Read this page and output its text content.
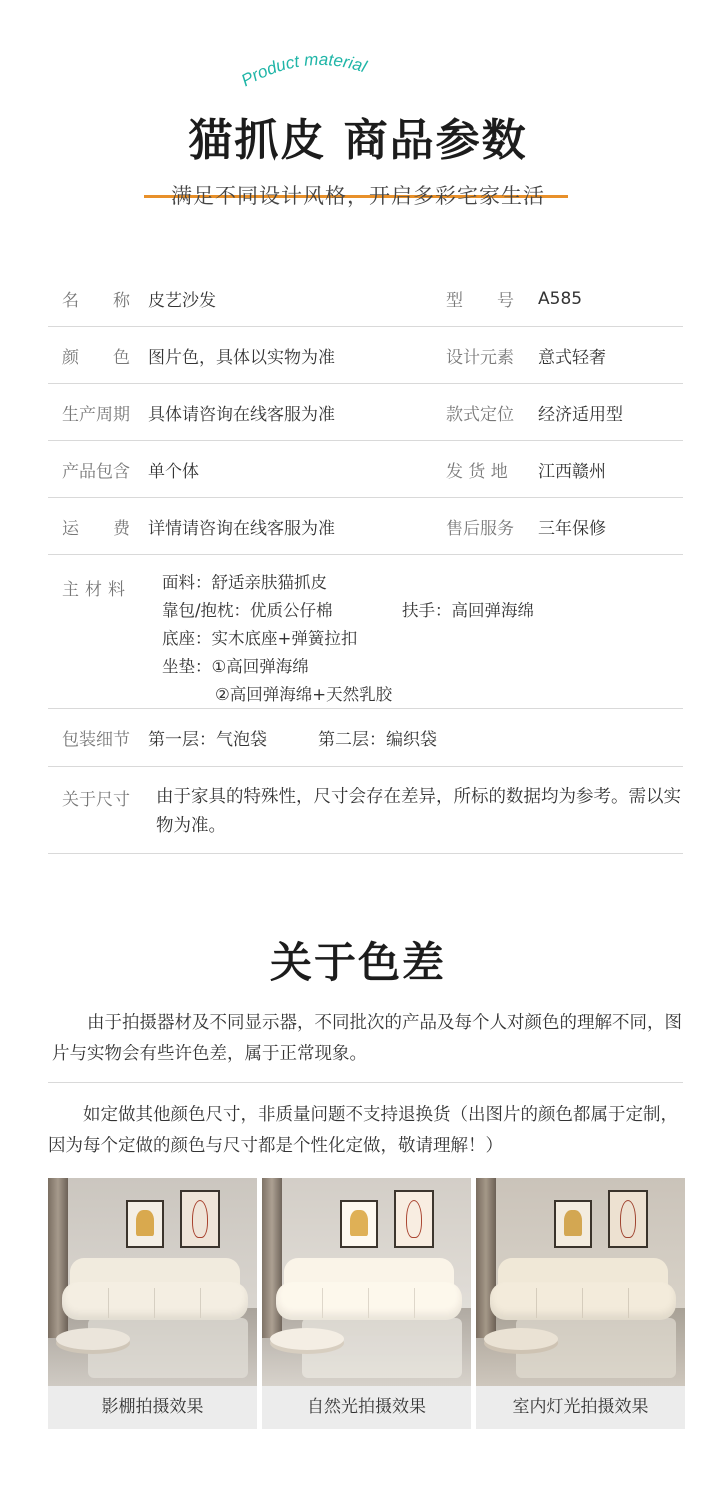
Product material
猫抓皮 商品参数
满足不同设计风格，开启多彩宅家生活
名　　称	皮艺沙发	型　　号	A585
颜　　色	图片色，具体以实物为准	设计元素	意式轻奢
生产周期	具体请咨询在线客服为准	款式定位	经济适用型
产品包含	单个体	发 货 地	江西赣州
运　　费	详情请咨询在线客服为准	售后服务	三年保修
主材料 面料：舒适亲肤猫抓皮
靠包/抱枕：优质公仔棉	扶手：高回弹海绵
底座：实木底座+弹簧拉扣
坐垫：①高回弹海绵
②高回弹海绵+天然乳胶
包装细节	第一层：气泡袋	第二层：编织袋
关于尺寸 由于家具的特殊性，尺寸会存在差异，所标的数据均为参考。需以实物为准。
关于色差
　　由于拍摄器材及不同显示器，不同批次的产品及每个人对颜色的理解不同，图片与实物会有些许色差，属于正常现象。
　　如定做其他颜色尺寸，非质量问题不支持退换货（出图片的颜色都属于定制，因为每个定做的颜色与尺寸都是个性化定做，敬请理解！）
影棚拍摄效果	自然光拍摄效果	室内灯光拍摄效果
